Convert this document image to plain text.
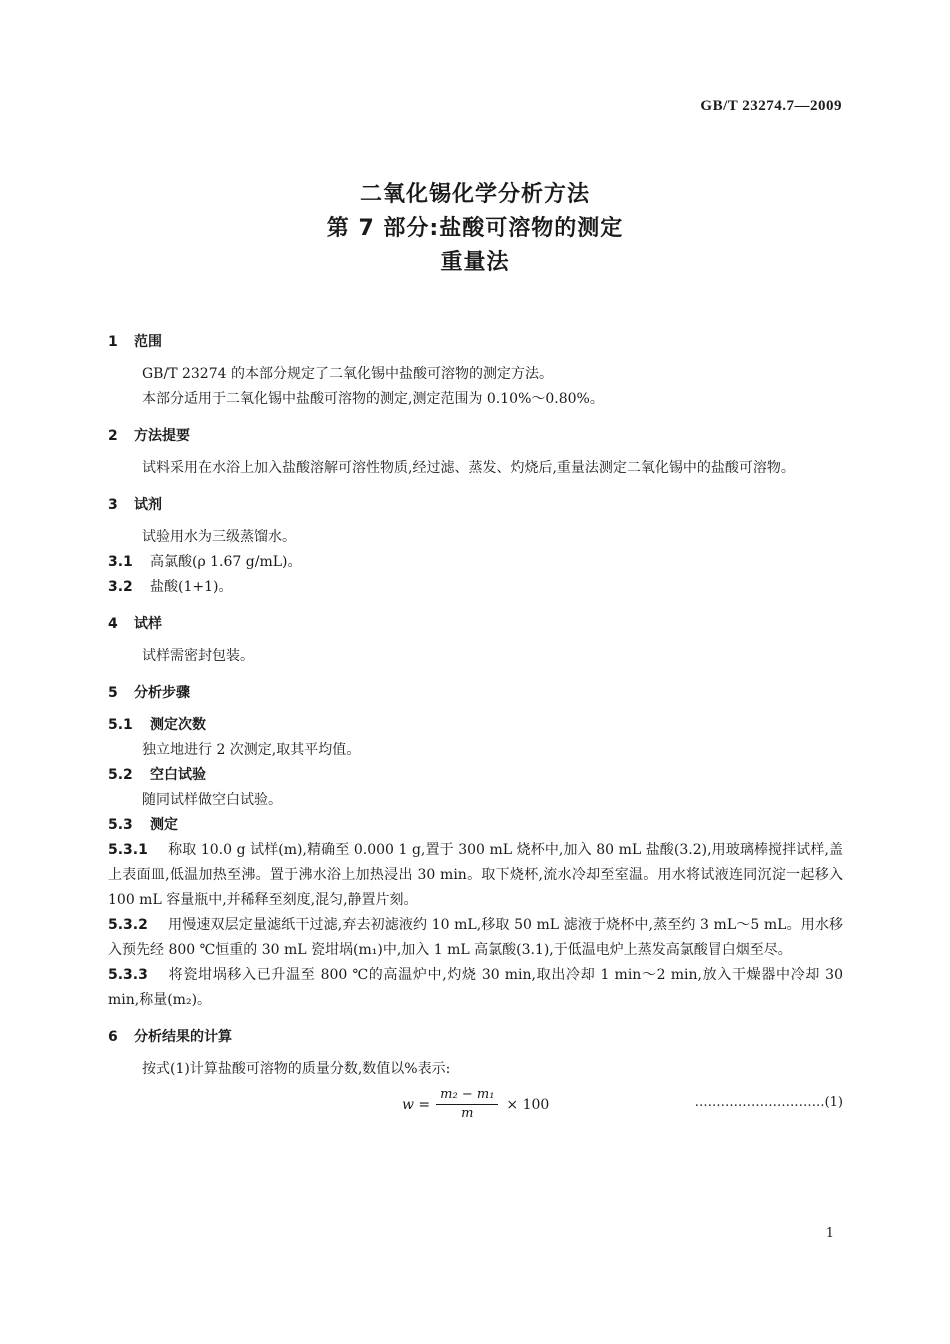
GB/T 23274.7—2009
二氧化锡化学分析方法
第 7 部分:盐酸可溶物的测定
重量法
1 范围

GB/T 23274 的本部分规定了二氧化锡中盐酸可溶物的测定方法。

本部分适用于二氧化锡中盐酸可溶物的测定,测定范围为 0.10%～0.80%。

2 方法提要

试料采用在水浴上加入盐酸溶解可溶性物质,经过滤、蒸发、灼烧后,重量法测定二氧化锡中的盐酸可溶物。

3 试剂

试验用水为三级蒸馏水。

3.1 高氯酸(ρ 1.67 g/mL)。

3.2 盐酸(1+1)。

4 试样

试样需密封包装。

5 分析步骤
5.1 测定次数

独立地进行 2 次测定,取其平均值。

5.2 空白试验

随同试样做空白试验。

5.3 测定

5.3.1 称取 10.0 g 试样(m),精确至 0.000 1 g,置于 300 mL 烧杯中,加入 80 mL 盐酸(3.2),用玻璃棒搅拌试样,盖上表面皿,低温加热至沸。置于沸水浴上加热浸出 30 min。取下烧杯,流水冷却至室温。用水将试液连同沉淀一起移入 100 mL 容量瓶中,并稀释至刻度,混匀,静置片刻。

5.3.2 用慢速双层定量滤纸干过滤,弃去初滤液约 10 mL,移取 50 mL 滤液于烧杯中,蒸至约 3 mL～5 mL。用水移入预先经 800 ℃恒重的 30 mL 瓷坩埚(m₁)中,加入 1 mL 高氯酸(3.1),于低温电炉上蒸发高氯酸冒白烟至尽。

5.3.3 将瓷坩埚移入已升温至 800 ℃的高温炉中,灼烧 30 min,取出冷却 1 min～2 min,放入干燥器中冷却 30 min,称量(m₂)。

6 分析结果的计算

按式(1)计算盐酸可溶物的质量分数,数值以%表示:

$w = \frac{\text{m₂ − m₁}}{m} \times 100$	…………………………(1)
1
